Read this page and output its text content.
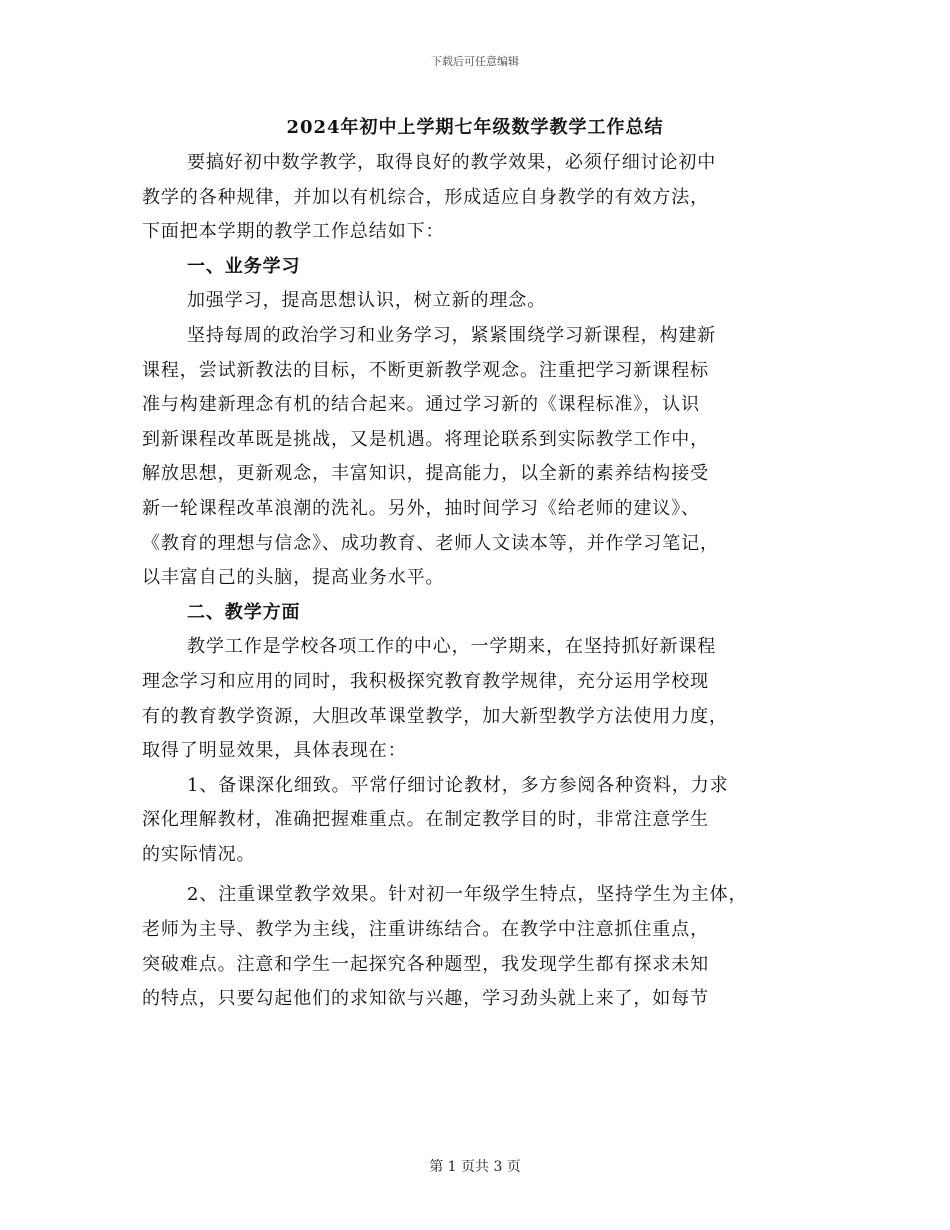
下载后可任意编辑
2024年初中上学期七年级数学教学工作总结
要搞好初中数学教学，取得良好的教学效果，必须仔细讨论初中
教学的各种规律，并加以有机综合，形成适应自身教学的有效方法，
下面把本学期的教学工作总结如下：
一、业务学习
加强学习，提高思想认识，树立新的理念。
坚持每周的政治学习和业务学习，紧紧围绕学习新课程，构建新
课程，尝试新教法的目标，不断更新教学观念。注重把学习新课程标
准与构建新理念有机的结合起来。通过学习新的《课程标准》，认识
到新课程改革既是挑战，又是机遇。将理论联系到实际教学工作中，
解放思想，更新观念，丰富知识，提高能力，以全新的素养结构接受
新一轮课程改革浪潮的洗礼。另外，抽时间学习《给老师的建议》、
《教育的理想与信念》、成功教育、老师人文读本等，并作学习笔记，
以丰富自己的头脑，提高业务水平。
二、教学方面
教学工作是学校各项工作的中心，一学期来，在坚持抓好新课程
理念学习和应用的同时，我积极探究教育教学规律，充分运用学校现
有的教育教学资源，大胆改革课堂教学，加大新型教学方法使用力度，
取得了明显效果，具体表现在：
1、备课深化细致。平常仔细讨论教材，多方参阅各种资料，力求
深化理解教材，准确把握难重点。在制定教学目的时，非常注意学生
的实际情况。
2、注重课堂教学效果。针对初一年级学生特点，坚持学生为主体，
老师为主导、教学为主线，注重讲练结合。在教学中注意抓住重点，
突破难点。注意和学生一起探究各种题型，我发现学生都有探求未知
的特点，只要勾起他们的求知欲与兴趣，学习劲头就上来了，如每节
第 1 页共 3 页
